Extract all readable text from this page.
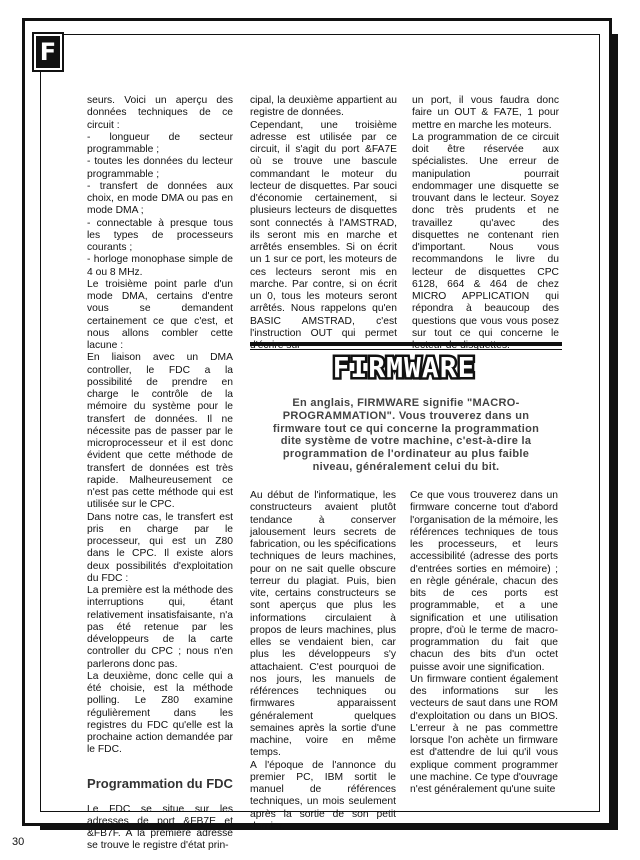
F

seurs. Voici un aperçu des données techniques de ce circuit :

- longueur de secteur programmable ;

- toutes les données du lecteur programmable ;

- transfert de données aux choix, en mode DMA ou pas en mode DMA ;

- connectable à presque tous les types de processeurs courants ;

- horloge monophase simple de 4 ou 8 MHz.

Le troisième point parle d'un mode DMA, certains d'entre vous se demandent certainement ce que c'est, et nous allons combler cette lacune :

En liaison avec un DMA controller, le FDC a la possibilité de prendre en charge le contrôle de la mémoire du système pour le transfert de données. Il ne nécessite pas de passer par le microprocesseur et il est donc évident que cette méthode de transfert de données est très rapide. Malheureusement ce n'est pas cette méthode qui est utilisée sur le CPC.

Dans notre cas, le transfert est pris en charge par le processeur, qui est un Z80 dans le CPC. Il existe alors deux possibilités d'exploitation du FDC :

La première est la méthode des interruptions qui, étant relativement insatisfaisante, n'a pas été retenue par les développeurs de la carte controller du CPC ; nous n'en parlerons donc pas.

La deuxième, donc celle qui a été choisie, est la méthode polling. Le Z80 examine régulièrement dans les registres du FDC qu'elle est la prochaine action demandée par le FDC.

Programmation du FDC

Le FDC se situe sur les adresses de port &FB7E et &FB7F. A la première adresse se trouve le registre d'état prin-

cipal, la deuxième appartient au registre de données.

Cependant, une troisième adresse est utilisée par ce circuit, il s'agit du port &FA7E où se trouve une bascule commandant le moteur du lecteur de disquettes. Par souci d'économie certainement, si plusieurs lecteurs de disquettes sont connectés à l'AMSTRAD, ils seront mis en marche et arrêtés ensembles. Si on écrit un 1 sur ce port, les moteurs de ces lecteurs seront mis en marche. Par contre, si on écrit un 0, tous les moteurs seront arrêtés. Nous rappelons qu'en BASIC AMSTRAD, c'est l'instruction OUT qui permet

un port, il vous faudra donc faire un OUT & FA7E, 1 pour mettre en marche les moteurs.

La programmation de ce circuit doit être réservée aux spécialistes. Une erreur de manipulation pourrait endommager une disquette se trouvant dans le lecteur. Soyez donc très prudents et ne travaillez qu'avec des disquettes ne contenant rien d'important. Nous vous recommandons le livre du lecteur de disquettes CPC 6128, 664 & 464 de chez MICRO APPLICATION qui répondra à beaucoup des questions que vous vous posez sur tout ce qui concerne le

FIRMWARE
En anglais, FIRMWARE signifie "MACRO-PROGRAMMATION". Vous trouverez dans un firmware tout ce qui concerne la programmation dite système de votre machine, c'est-à-dire la programmation de l'ordinateur au plus faible niveau, généralement celui du bit.

Au début de l'informatique, les constructeurs avaient plutôt tendance à conserver jalousement leurs secrets de fabrication, ou les spécifications techniques de leurs machines, pour on ne sait quelle obscure terreur du plagiat. Puis, bien vite, certains constructeurs se sont aperçus que plus les informations circulaient à propos de leurs machines, plus elles se vendaient bien, car plus les développeurs s'y attachaient. C'est pourquoi de nos jours, les manuels de références techniques ou firmwares apparaissent généralement quelques semaines après la sortie d'une machine, voire en même temps.

A l'époque de l'annonce du premier PC, IBM sortit le manuel de références techniques, un mois seulement après la sortie de son petit dernier.

Ce que vous trouverez dans un firmware concerne tout d'abord l'organisation de la mémoire, les références techniques de tous les processeurs, et leurs accessibilité (adresse des ports d'entrées sorties en mémoire) ; en règle générale, chacun des bits de ces ports est programmable, et a une signification et une utilisation propre, d'où le terme de macro-programmation du fait que chacun des bits d'un octet puisse avoir une signification.

Un firmware contient également des informations sur les vecteurs de saut dans une ROM d'exploitation ou dans un BIOS. L'erreur à ne pas commettre lorsque l'on achète un firmware est d'attendre de lui qu'il vous explique comment programmer une machine. Ce type d'ouvrage n'est généralement qu'une suite

30
